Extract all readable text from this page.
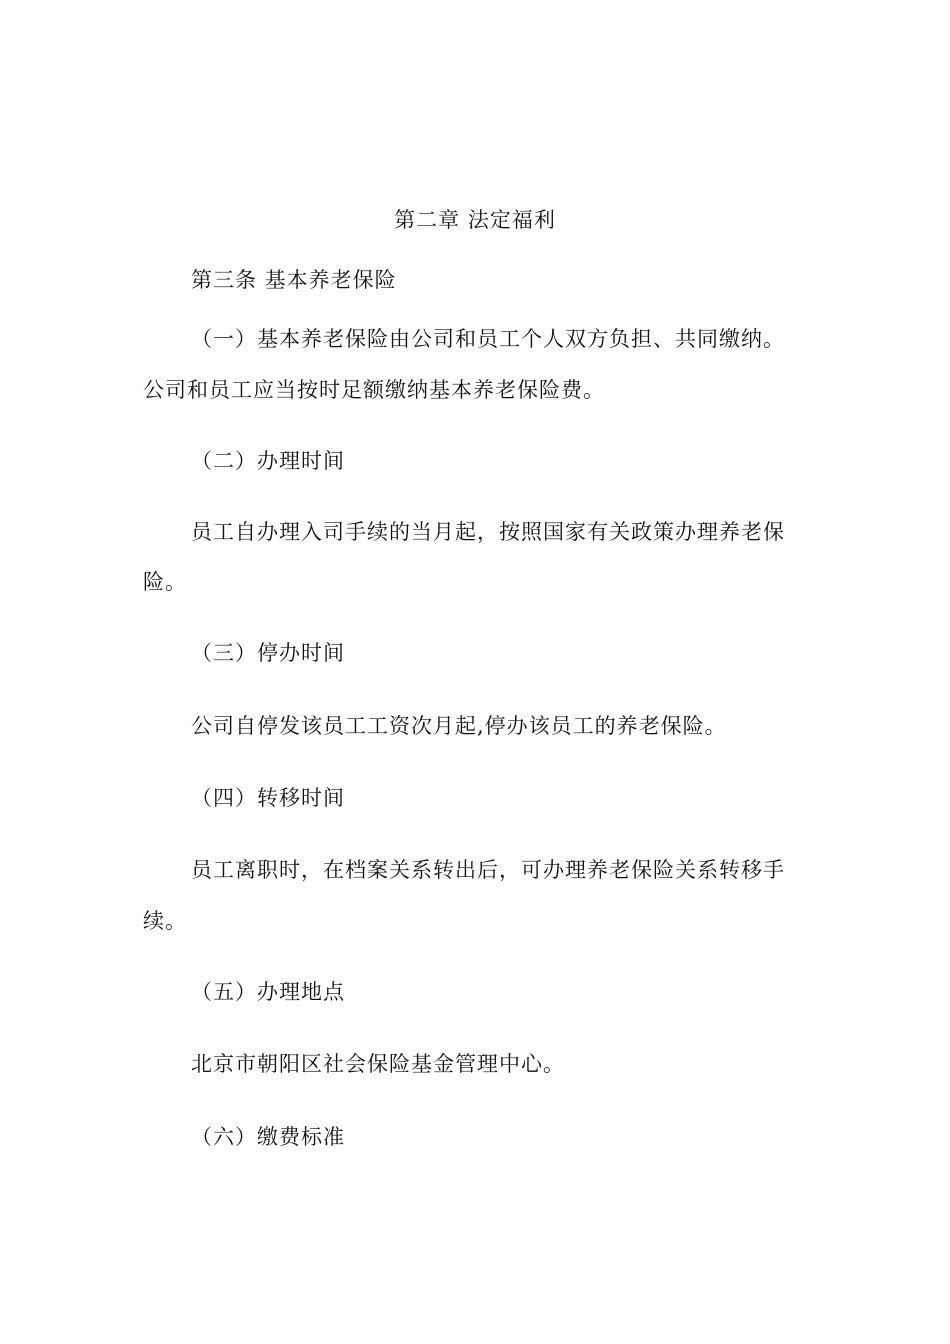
第二章 法定福利
第三条 基本养老保险
（一）基本养老保险由公司和员工个人双方负担、共同缴纳。
公司和员工应当按时足额缴纳基本养老保险费。
（二）办理时间
员工自办理入司手续的当月起，按照国家有关政策办理养老保
险。
（三）停办时间
公司自停发该员工工资次月起,停办该员工的养老保险。
（四）转移时间
员工离职时，在档案关系转出后，可办理养老保险关系转移手
续。
（五）办理地点
北京市朝阳区社会保险基金管理中心。
（六）缴费标准
